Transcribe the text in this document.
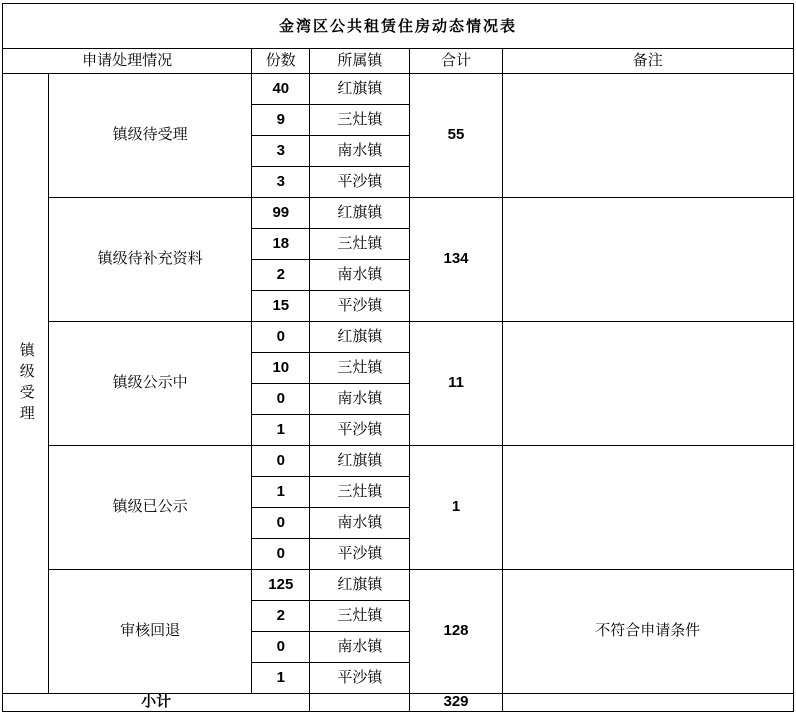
金湾区公共租赁住房动态情况表					
申请处理情况		份数	所属镇	合计	备注
镇级受理	镇级待受理	40	红旗镇	55	
		9	三灶镇		
		3	南水镇		
		3	平沙镇		
	镇级待补充资料	99	红旗镇	134	
		18	三灶镇		
		2	南水镇		
		15	平沙镇		
	镇级公示中	0	红旗镇	11	
		10	三灶镇		
		0	南水镇		
		1	平沙镇		
	镇级已公示	0	红旗镇	1	
		1	三灶镇		
		0	南水镇		
		0	平沙镇		
	审核回退	125	红旗镇	128	不符合申请条件
		2	三灶镇		
		0	南水镇		
		1	平沙镇		
小计				329	
